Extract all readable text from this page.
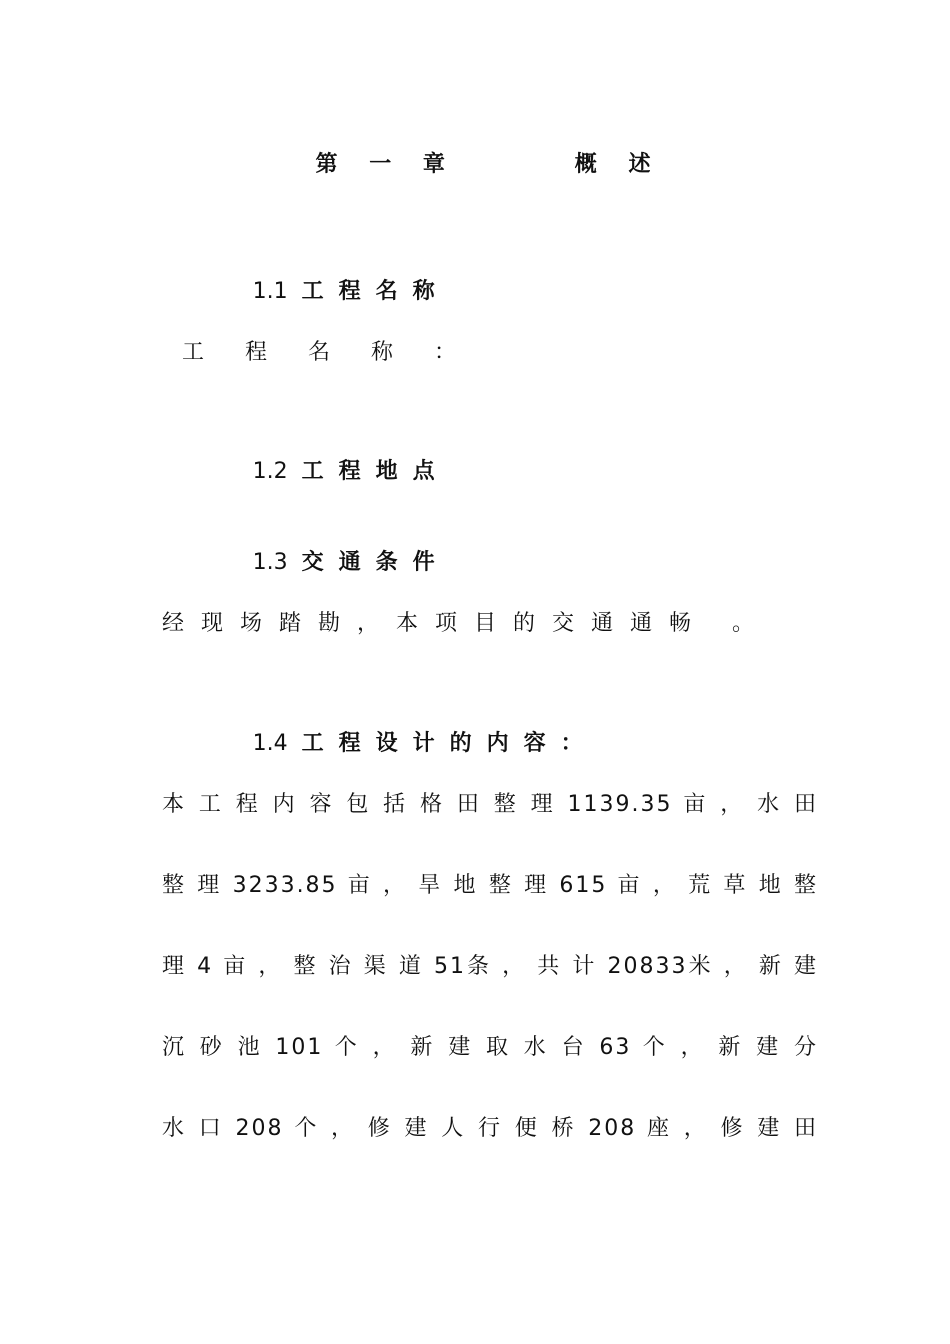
第 一 章      概 述

1.1 工程名称

工 程 名 称 ：

1.2 工程地点

1.3 交通条件

经现场踏勘，本项目的交通通畅 。

1.4 工程设计的内容：

本 工 程 内 容 包 括 格 田 整 理 1139.35 亩 ， 水 田
整 理 3233.85 亩 ， 旱 地 整 理 615 亩 ， 荒 草 地 整
理 4 亩 ， 整 治 渠 道 51条 ， 共 计 20833米 ， 新 建
沉 砂 池 101 个 ， 新 建 取 水 台 63 个 ， 新 建 分
水 口 208 个 ， 修 建 人 行 便 桥 208 座 ， 修 建 田
